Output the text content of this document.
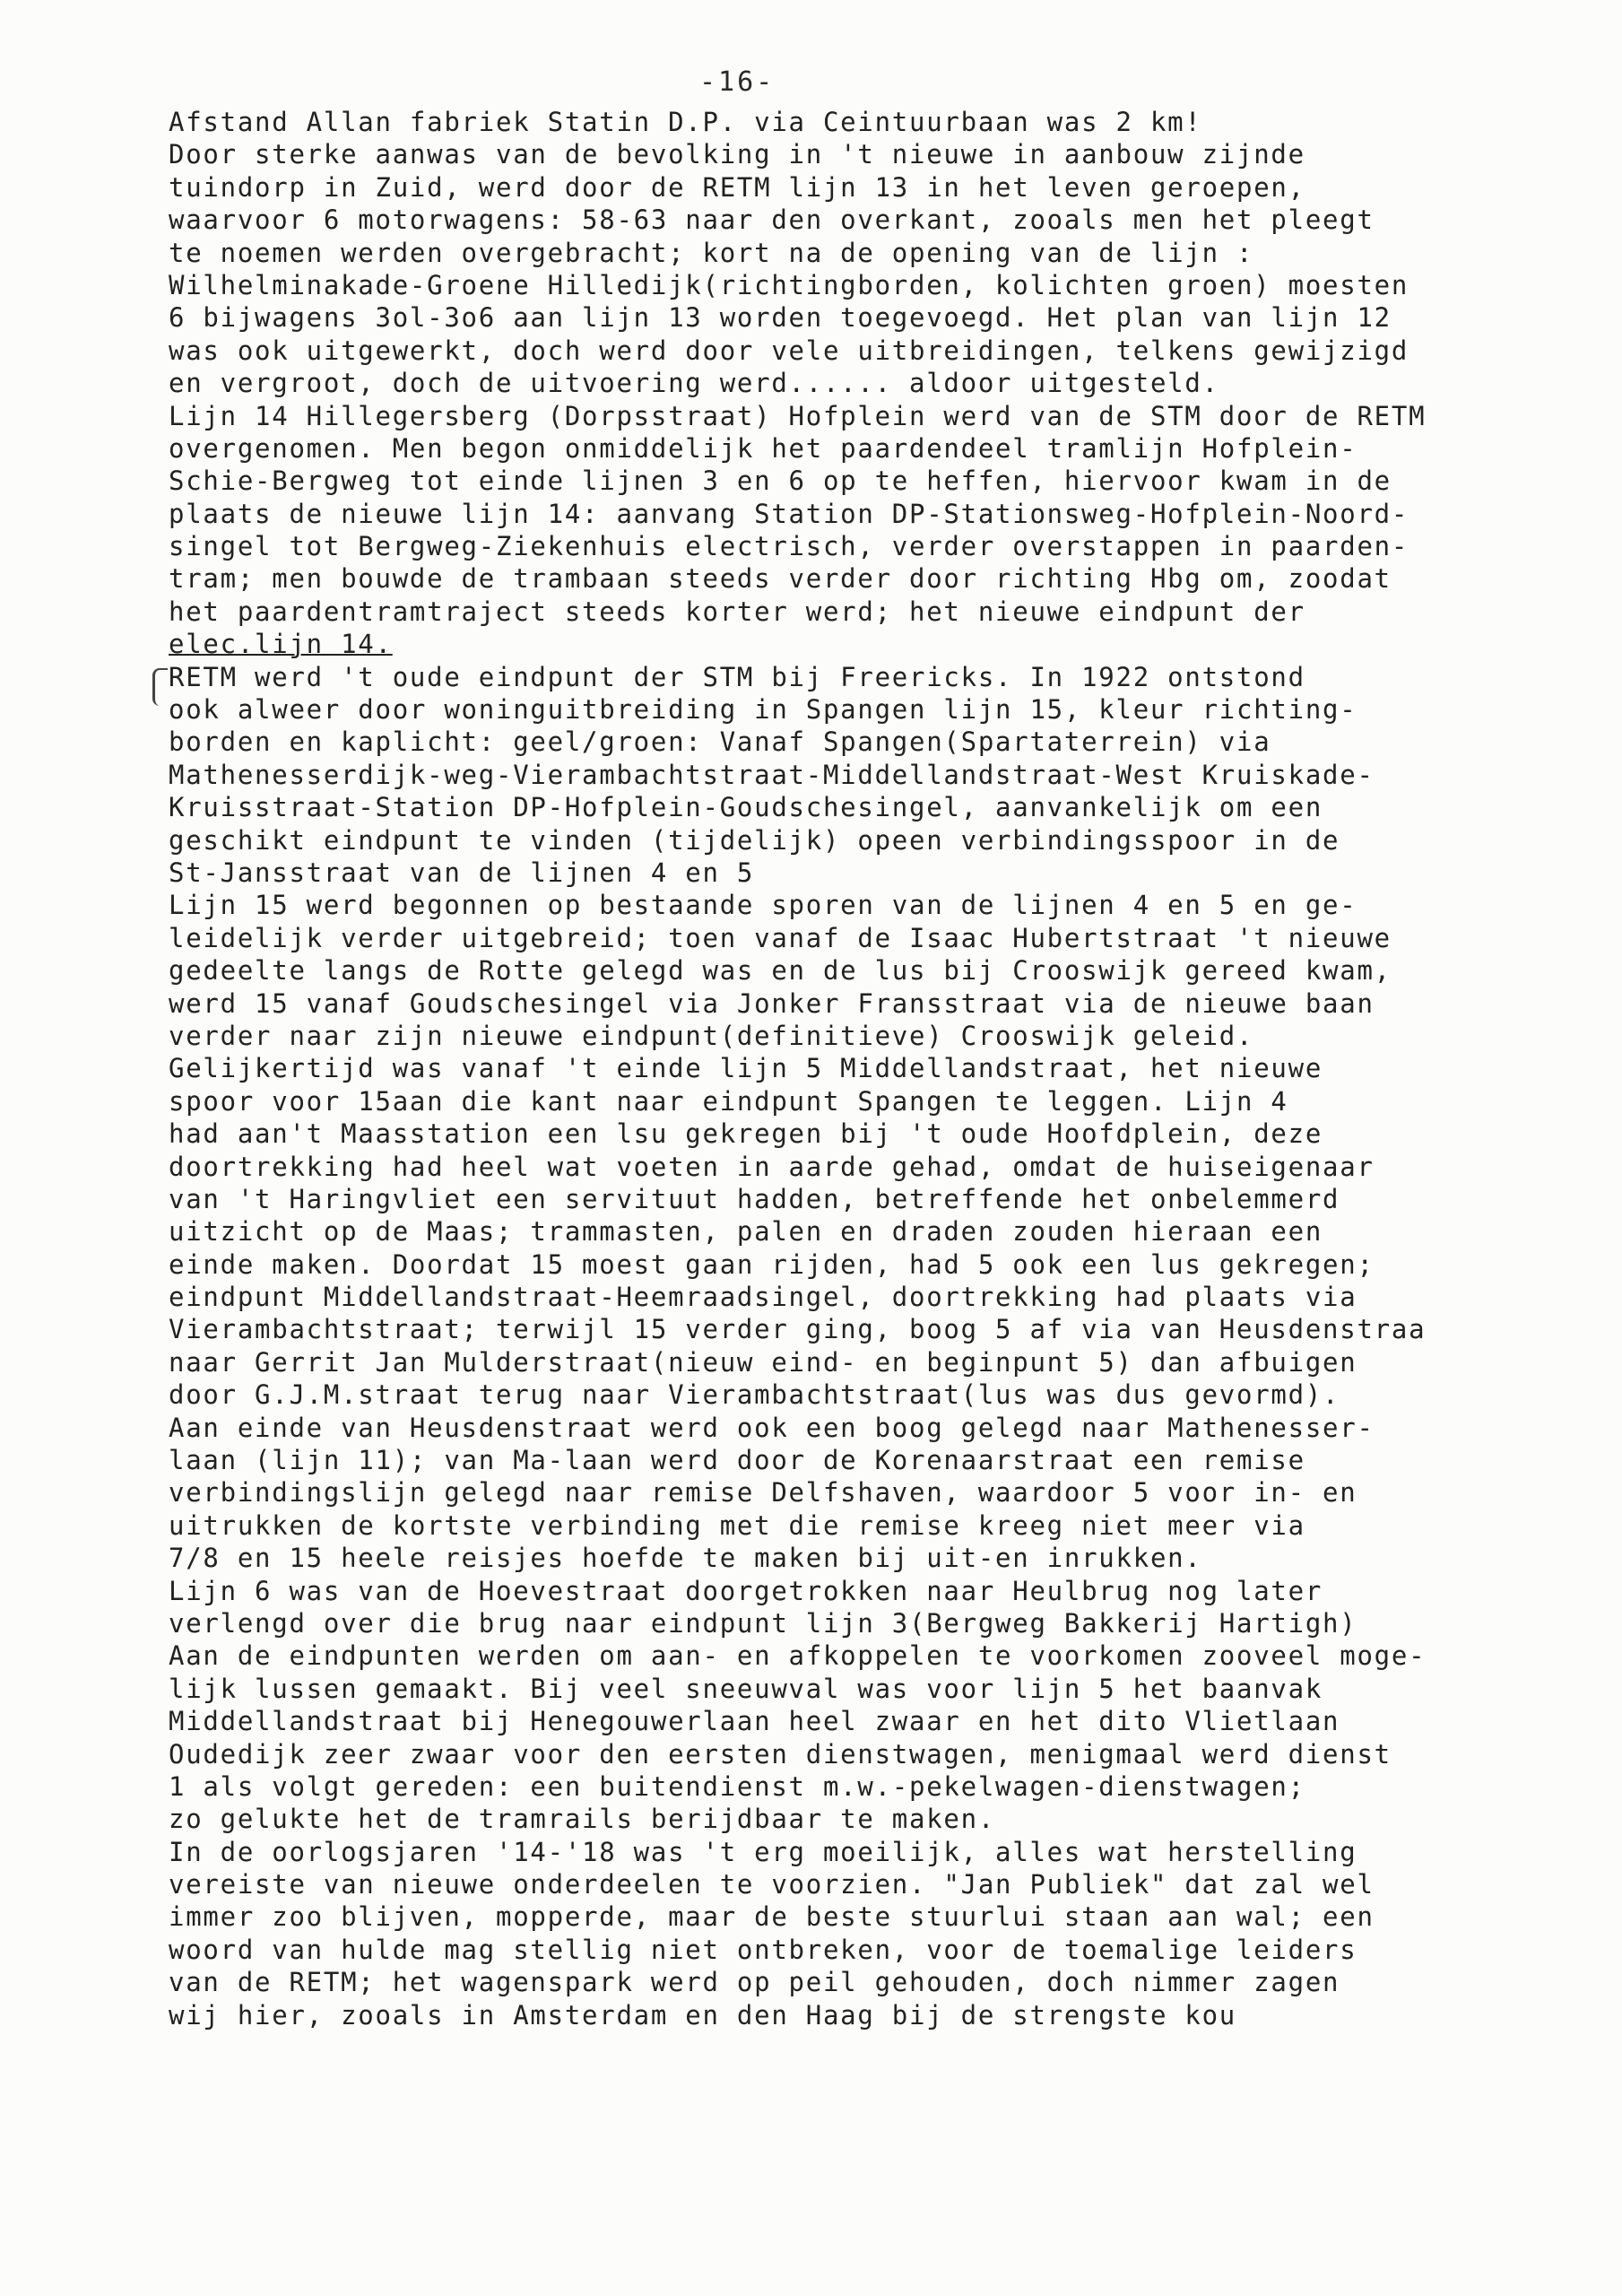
-16-
Afstand Allan fabriek Statin D.P. via Ceintuurbaan was 2 km!
Door sterke aanwas van de bevolking in 't nieuwe in aanbouw zijnde
tuindorp in Zuid, werd door de RETM lijn 13 in het leven geroepen,
waarvoor 6 motorwagens: 58-63 naar den overkant, zooals men het pleegt
te noemen werden overgebracht; kort na de opening van de lijn :
Wilhelminakade-Groene Hilledijk(richtingborden, kolichten groen) moesten
6 bijwagens 3ol-3o6 aan lijn 13 worden toegevoegd. Het plan van lijn 12
was ook uitgewerkt, doch werd door vele uitbreidingen, telkens gewijzigd
en vergroot, doch de uitvoering werd...... aldoor uitgesteld.
Lijn 14 Hillegersberg (Dorpsstraat) Hofplein werd van de STM door de RETM
overgenomen. Men begon onmiddelijk het paardendeel tramlijn Hofplein-
Schie-Bergweg tot einde lijnen 3 en 6 op te heffen, hiervoor kwam in de
plaats de nieuwe lijn 14: aanvang Station DP-Stationsweg-Hofplein-Noord-
singel tot Bergweg-Ziekenhuis electrisch, verder overstappen in paarden-
tram; men bouwde de trambaan steeds verder door richting Hbg om, zoodat
het paardentramtraject steeds korter werd; het nieuwe eindpunt der
elec.lijn 14.
RETM werd 't oude eindpunt der STM bij Freericks. In 1922 ontstond
ook alweer door woninguitbreiding in Spangen lijn 15, kleur richting-
borden en kaplicht: geel/groen: Vanaf Spangen(Spartaterrein) via
Mathenesserdijk-weg-Vierambachtstraat-Middellandstraat-West Kruiskade-
Kruisstraat-Station DP-Hofplein-Goudschesingel, aanvankelijk om een
geschikt eindpunt te vinden (tijdelijk) opeen verbindingsspoor in de
St-Jansstraat van de lijnen 4 en 5
Lijn 15 werd begonnen op bestaande sporen van de lijnen 4 en 5 en ge-
leidelijk verder uitgebreid; toen vanaf de Isaac Hubertstraat 't nieuwe
gedeelte langs de Rotte gelegd was en de lus bij Crooswijk gereed kwam,
werd 15 vanaf Goudschesingel via Jonker Fransstraat via de nieuwe baan
verder naar zijn nieuwe eindpunt(definitieve) Crooswijk geleid.
Gelijkertijd was vanaf 't einde lijn 5 Middellandstraat, het nieuwe
spoor voor 15aan die kant naar eindpunt Spangen te leggen. Lijn 4
had aan't Maasstation een lsu gekregen bij 't oude Hoofdplein, deze
doortrekking had heel wat voeten in aarde gehad, omdat de huiseigenaar
van 't Haringvliet een servituut hadden, betreffende het onbelemmerd
uitzicht op de Maas; trammasten, palen en draden zouden hieraan een
einde maken. Doordat 15 moest gaan rijden, had 5 ook een lus gekregen;
eindpunt Middellandstraat-Heemraadsingel, doortrekking had plaats via
Vierambachtstraat; terwijl 15 verder ging, boog 5 af via van Heusdenstraa
naar Gerrit Jan Mulderstraat(nieuw eind- en beginpunt 5) dan afbuigen
door G.J.M.straat terug naar Vierambachtstraat(lus was dus gevormd).
Aan einde van Heusdenstraat werd ook een boog gelegd naar Mathenesser-
laan (lijn 11); van Ma-laan werd door de Korenaarstraat een remise
verbindingslijn gelegd naar remise Delfshaven, waardoor 5 voor in- en
uitrukken de kortste verbinding met die remise kreeg niet meer via
7/8 en 15 heele reisjes hoefde te maken bij uit-en inrukken.
Lijn 6 was van de Hoevestraat doorgetrokken naar Heulbrug nog later
verlengd over die brug naar eindpunt lijn 3(Bergweg Bakkerij Hartigh)
Aan de eindpunten werden om aan- en afkoppelen te voorkomen zooveel moge-
lijk lussen gemaakt. Bij veel sneeuwval was voor lijn 5 het baanvak
Middellandstraat bij Henegouwerlaan heel zwaar en het dito Vlietlaan
Oudedijk zeer zwaar voor den eersten dienstwagen, menigmaal werd dienst
1 als volgt gereden: een buitendienst m.w.-pekelwagen-dienstwagen;
zo gelukte het de tramrails berijdbaar te maken.
In de oorlogsjaren '14-'18 was 't erg moeilijk, alles wat herstelling
vereiste van nieuwe onderdeelen te voorzien. "Jan Publiek" dat zal wel
immer zoo blijven, mopperde, maar de beste stuurlui staan aan wal; een
woord van hulde mag stellig niet ontbreken, voor de toemalige leiders
van de RETM; het wagenspark werd op peil gehouden, doch nimmer zagen
wij hier, zooals in Amsterdam en den Haag bij de strengste kou
